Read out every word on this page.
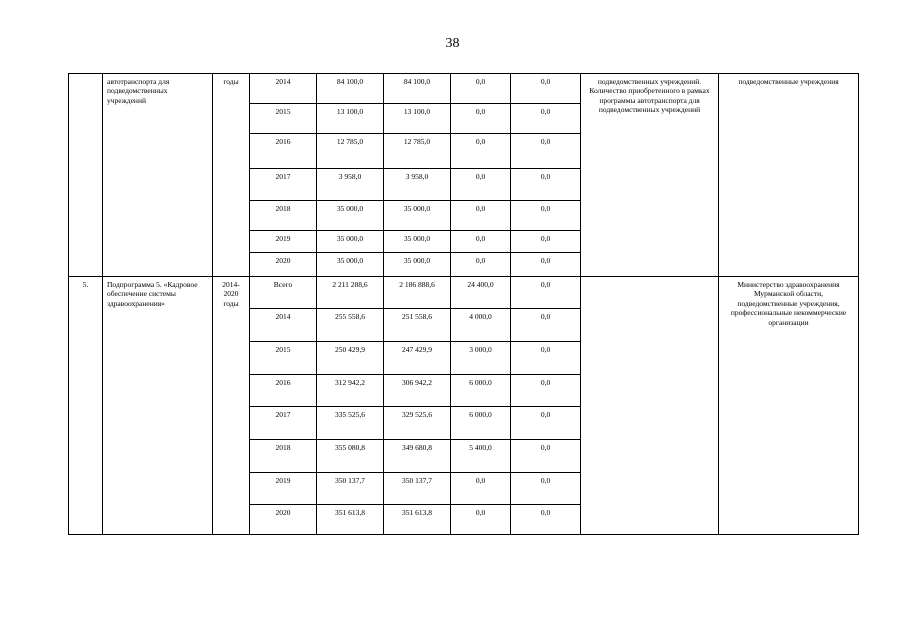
38
	автотранспорта для подведомственных учреждений	годы	2014	84 100,0	84 100,0	0,0	0,0	подведомственных учреждений. Количество приобретенного в рамках программы автотранспорта для подведомственных учреждений	подведомственные учреждения
			2015	13 100,0	13 100,0	0,0	0,0		
			2016	12 785,0	12 785,0	0,0	0,0		
			2017	3 958,0	3 958,0	0,0	0,0		
			2018	35 000,0	35 000,0	0,0	0,0		
			2019	35 000,0	35 000,0	0,0	0,0		
			2020	35 000,0	35 000,0	0,0	0,0		
5.	Подпрограмма 5. «Кадровое обеспечение системы здравоохранения»	2014-2020 годы	Всего	2 211 288,6	2 186 888,6	24 400,0	0,0		Министерство здравоохранения Мурманской области, подведомственные учреждения, профессиональные некоммерческие организации
			2014	255 558,6	251 558,6	4 000,0	0,0		
			2015	250 429,9	247 429,9	3 000,0	0,0		
			2016	312 942,2	306 942,2	6 000,0	0,0		
			2017	335 525,6	329 525,6	6 000,0	0,0		
			2018	355 080,8	349 680,8	5 400,0	0,0		
			2019	350 137,7	350 137,7	0,0	0,0		
			2020	351 613,8	351 613,8	0,0	0,0		
